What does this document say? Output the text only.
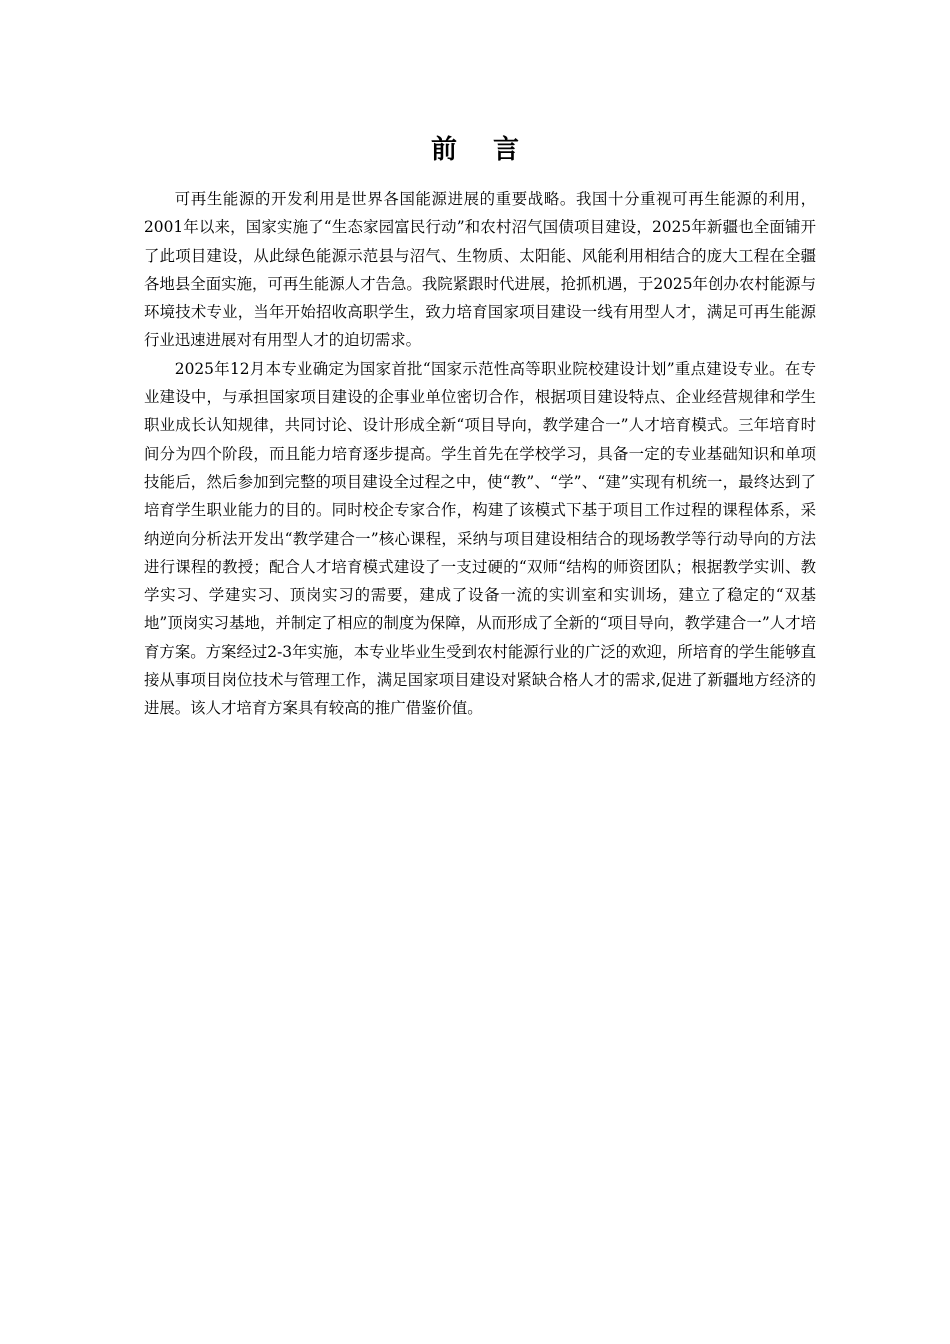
前言

可再生能源的开发利用是世界各国能源进展的重要战略。我国十分重视可再生能源的利用，2001年以来，国家实施了“生态家园富民行动”和农村沼气国债项目建设，2025年新疆也全面铺开了此项目建设，从此绿色能源示范县与沼气、生物质、太阳能、风能利用相结合的庞大工程在全疆各地县全面实施，可再生能源人才告急。我院紧跟时代进展，抢抓机遇，于2025年创办农村能源与环境技术专业，当年开始招收高职学生，致力培育国家项目建设一线有用型人才，满足可再生能源行业迅速进展对有用型人才的迫切需求。

2025年12月本专业确定为国家首批“国家示范性高等职业院校建设计划”重点建设专业。在专业建设中，与承担国家项目建设的企事业单位密切合作，根据项目建设特点、企业经营规律和学生职业成长认知规律，共同讨论、设计形成全新“项目导向，教学建合一”人才培育模式。三年培育时间分为四个阶段，而且能力培育逐步提高。学生首先在学校学习，具备一定的专业基础知识和单项技能后，然后参加到完整的项目建设全过程之中，使“教”、“学”、“建”实现有机统一，最终达到了培育学生职业能力的目的。同时校企专家合作，构建了该模式下基于项目工作过程的课程体系，采纳逆向分析法开发出“教学建合一”核心课程，采纳与项目建设相结合的现场教学等行动导向的方法进行课程的教授；配合人才培育模式建设了一支过硬的“双师“结构的师资团队；根据教学实训、教学实习、学建实习、顶岗实习的需要，建成了设备一流的实训室和实训场，建立了稳定的“双基地”顶岗实习基地，并制定了相应的制度为保障，从而形成了全新的“项目导向，教学建合一”人才培育方案。方案经过2-3年实施，本专业毕业生受到农村能源行业的广泛的欢迎，所培育的学生能够直接从事项目岗位技术与管理工作，满足国家项目建设对紧缺合格人才的需求,促进了新疆地方经济的进展。该人才培育方案具有较高的推广借鉴价值。
